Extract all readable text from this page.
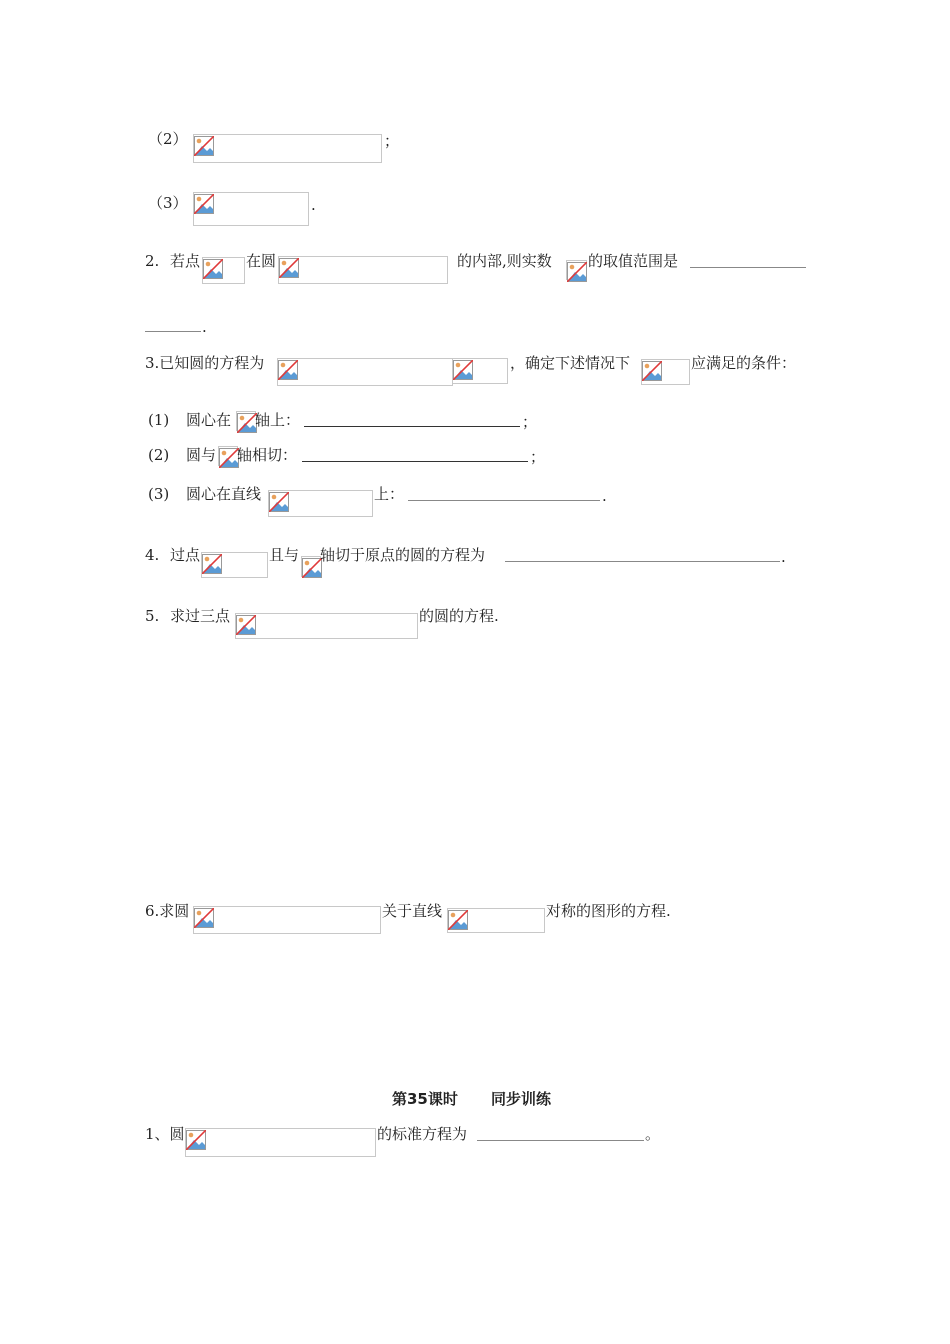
（2）	；
（3）	.
2. 若点	在圆	的内部,则实数 的取值范围是
.
3.已知圆的方程为	，确定下述情况下	应满足的条件：
(1) 圆心在 轴上：	；
(2) 圆与 轴相切：	；
(3) 圆心在直线	上：	.
4. 过点	且与 轴切于原点的圆的方程为	.
5. 求过三点	的圆的方程.
6.求圆	关于直线	对称的图形的方程.
第35课时 同步训练
1、圆	的标准方程为	。
